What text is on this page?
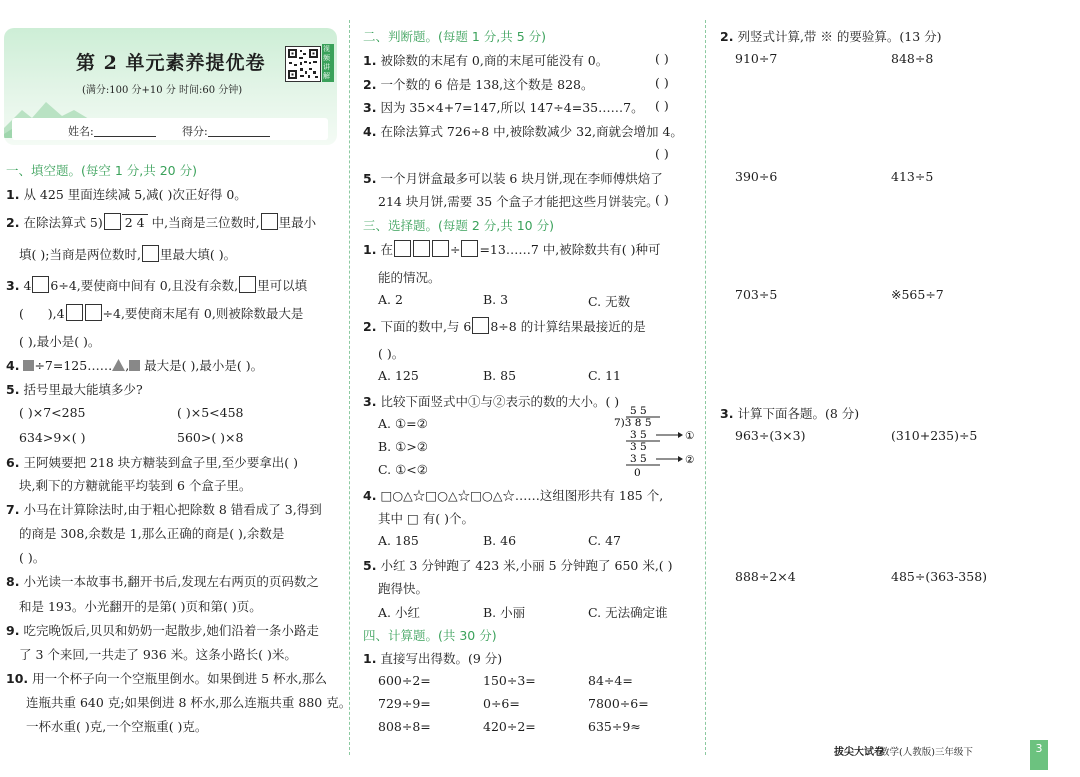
第 2 单元素养提优卷
(满分:100 分+10 分 时间:60 分钟)
视频讲解
姓名:	得分:
一、填空题。(每空 1 分,共 20 分)
1. 从 425 里面连续减 5,减( )次正好得 0。
2. 在除法算式 5) 2 4 中,当商是三位数时, 里最小
填( );当商是两位数时, 里最大填( )。
3. 4 6÷4,要使商中间有 0,且没有余数, 里可以填
(      ),4	÷4,要使商末尾有 0,则被除数最大是
( ),最小是( )。
4. ÷7=125…… , 最大是( ),最小是( )。
5. 括号里最大能填多少?
( )×7<285	( )×5<458
634>9×( )	560>( )×8
6. 王阿姨要把 218 块方糖装到盒子里,至少要拿出( )
块,剩下的方糖就能平均装到 6 个盒子里。
7. 小马在计算除法时,由于粗心把除数 8 错看成了 3,得到
的商是 308,余数是 1,那么正确的商是( ),余数是
( )。
8. 小光读一本故事书,翻开书后,发现左右两页的页码数之
和是 193。小光翻开的是第( )页和第( )页。
9. 吃完晚饭后,贝贝和奶奶一起散步,她们沿着一条小路走
了 3 个来回,一共走了 936 米。这条小路长( )米。
10. 用一个杯子向一个空瓶里倒水。如果倒进 5 杯水,那么
连瓶共重 640 克;如果倒进 8 杯水,那么连瓶共重 880 克。
一杯水重( )克,一个空瓶重( )克。
二、判断题。(每题 1 分,共 5 分)
1. 被除数的末尾有 0,商的末尾可能没有 0。	( )
2. 一个数的 6 倍是 138,这个数是 828。	( )
3. 因为 35×4+7=147,所以 147÷4=35……7。 ( )
4. 在除法算式 726÷8 中,被除数减少 32,商就会增加 4。
( )
5. 一个月饼盒最多可以装 6 块月饼,现在李师傅烘焙了
214 块月饼,需要 35 个盒子才能把这些月饼装完。
( )
三、选择题。(每题 2 分,共 10 分)
1. 在	÷ =13……7 中,被除数共有( )种可
能的情况。
A. 2	B. 3	C. 无数
2. 下面的数中,与 6 8÷8 的计算结果最接近的是
( )。
A. 125	B. 85	C. 11
3. 比较下面竖式中①与②表示的数的大小。( )
A. ①=②
B. ①>②
C. ①<②
5 5
7)3 8 5
3 5
3 5
3 5
0
①
②
4. □○△☆□○△☆□○△☆……这组图形共有 185 个,
其中 □ 有( )个。
A. 185	B. 46	C. 47
5. 小红 3 分钟跑了 423 米,小丽 5 分钟跑了 650 米,( )
跑得快。
A. 小红	B. 小丽	C. 无法确定谁
四、计算题。(共 30 分)
1. 直接写出得数。(9 分)
600÷2=	150÷3=	84÷4=
729÷9=	0÷6=	7800÷6=
808÷8=	420÷2=	635÷9≈
2. 列竖式计算,带 ※ 的要验算。(13 分)
910÷7	848÷8
390÷6	413÷5
703÷5	※565÷7
3. 计算下面各题。(8 分)
963÷(3×3)	(310+235)÷5
888÷2×4	485÷(363-358)
拔尖大试卷
数学(人教版)三年级下	3
